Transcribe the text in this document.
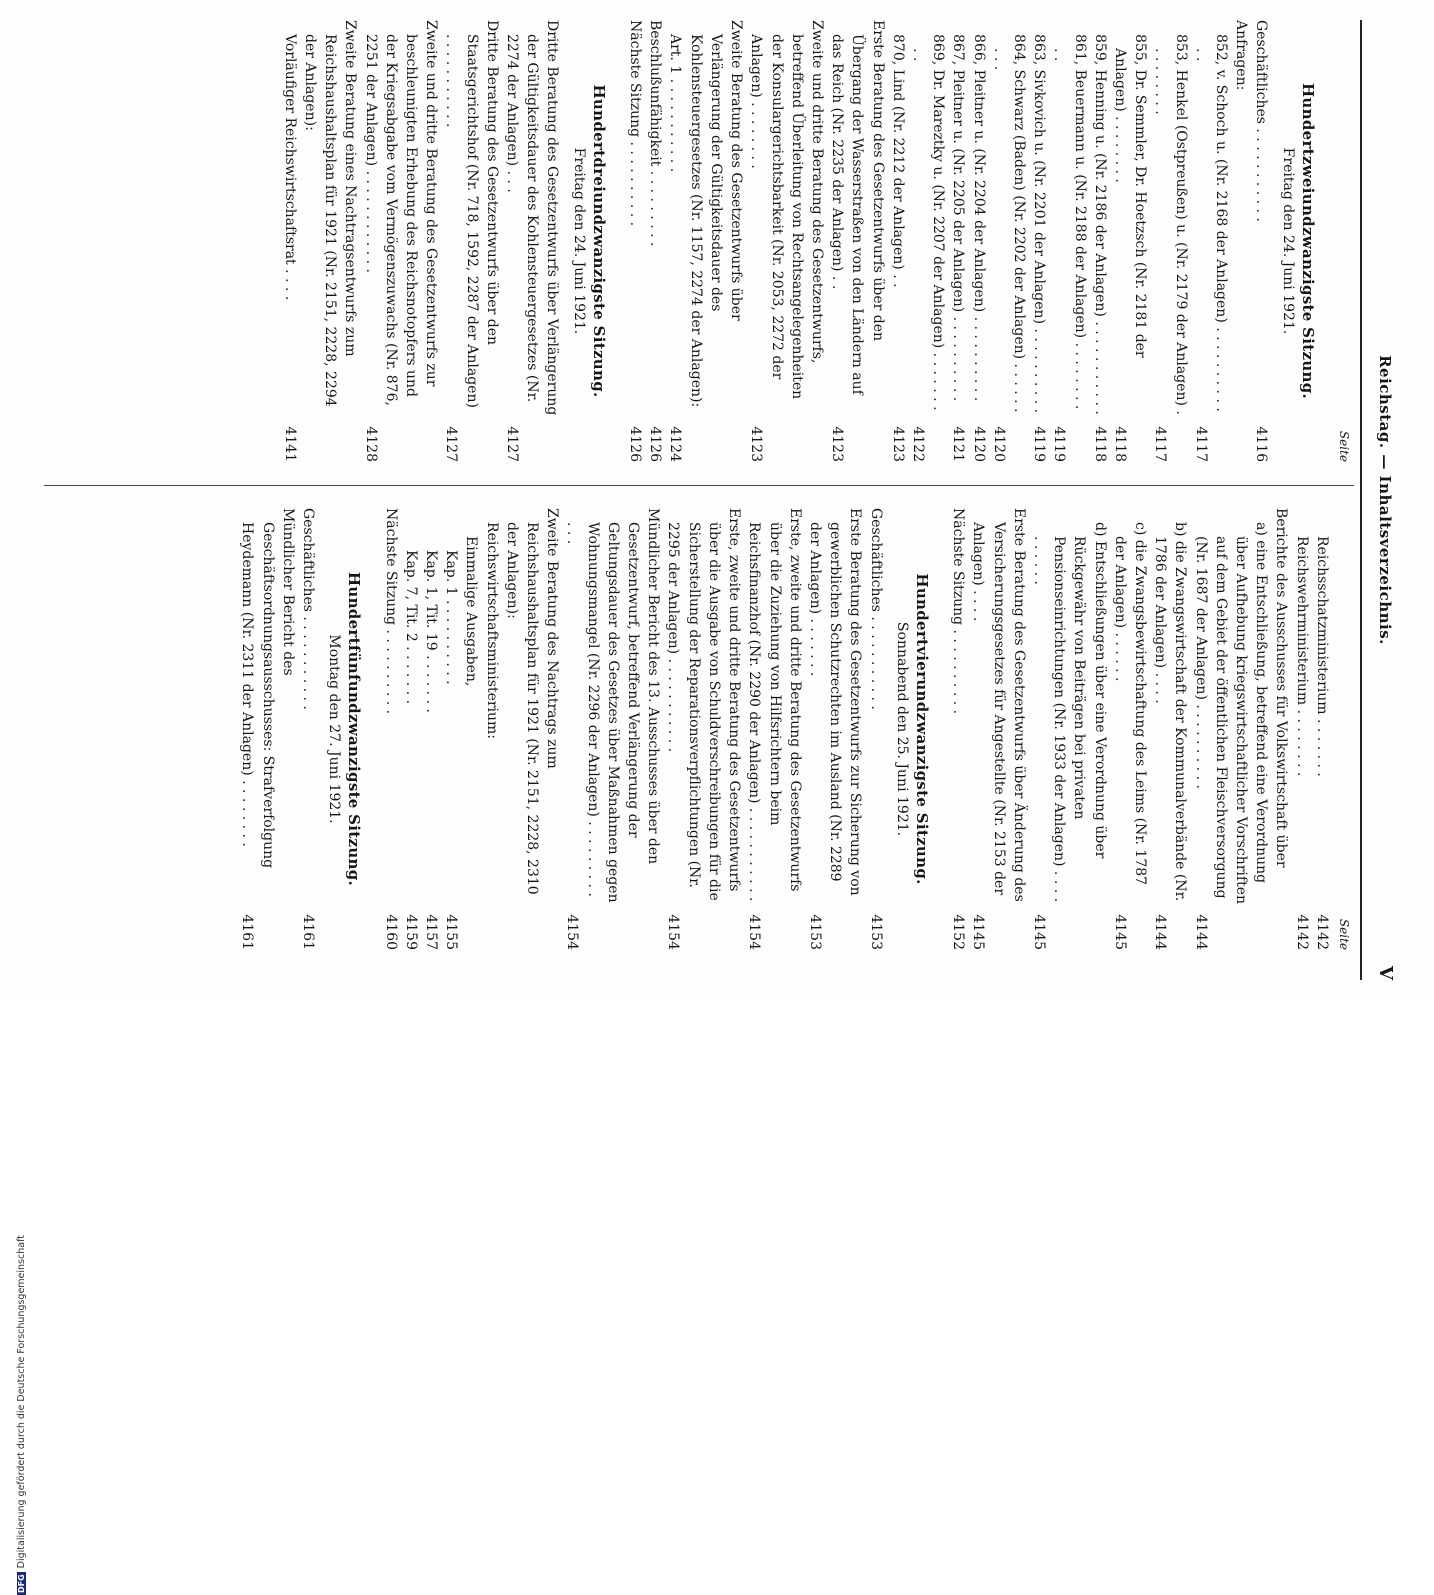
Reichstag. — Inhaltsverzeichnis.
V
Seite
Hundertzweiundzwanzigste Sitzung.
Freitag den 24. Juni 1921.
Geschäftliches . . . . . . . . . . .
4116
Anfragen:
852, v. Schoch u. (Nr. 2168 der Anlagen) . . . . . . . . . . . .
4117
853, Henkel (Ostpreußen) u. (Nr. 2179 der Anlagen) . . . . . . . . .
4117
855, Dr. Semmler, Dr. Hoetzsch (Nr. 2181 der Anlagen) . . . . . . . .
4118
859, Henning u. (Nr. 2186 der Anlagen) . . . . . . . . . . .
4118
861, Beuermann u. (Nr. 2188 der Anlagen) . . . . . . . . . .
4119
863, Sivkovich u. (Nr. 2201 der Anlagen) . . . . . . . . . .
4119
864, Schwarz (Baden) (Nr. 2202 der Anlagen) . . . . . . . . .
4120
866, Pleitner u. (Nr. 2204 der Anlagen) . . . . . . . . . .
4120
867, Pleitner u. (Nr. 2205 der Anlagen) . . . . . . . . . .
4121
869, Dr. Mareztky u. (Nr. 2207 der Anlagen) . . . . . . . . .
4122
870, Lind (Nr. 2212 der Anlagen) . .
4123
Erste Beratung des Gesetzentwurfs über den Übergang der Wasserstraßen von den Ländern auf das Reich (Nr. 2235 der Anlagen) . .
4123
Zweite und dritte Beratung des Gesetzentwurfs, betreffend Überleitung von Rechtsangelegenheiten der Konsulargerichtsbarkeit (Nr. 2053, 2272 der Anlagen) . . . . . . . .
4123
Zweite Beratung des Gesetzentwurfs über Verlängerung der Gültigkeitsdauer des Kohlensteuergesetzes (Nr. 1157, 2274 der Anlagen): Art. 1 . . . . . . . . . . .
4124
Beschlußunfähigkeit . . . . . . . . .
4126
Nächste Sitzung . . . . . . . . . .
4126
Hundertdreiundzwanzigste Sitzung.
Freitag den 24. Juni 1921.
Dritte Beratung des Gesetzentwurfs über Verlängerung der Gültigkeitsdauer des Kohlensteuergesetzes (Nr. 2274 der Anlagen) . . .
4127
Dritte Beratung des Gesetzentwurfs über den Staatsgerichtshof (Nr. 718, 1592, 2287 der Anlagen) . . . . . . . . . . .
4127
Zweite und dritte Beratung des Gesetzentwurfs zur beschleunigten Erhebung des Reichsnotopfers und der Kriegsabgabe vom Vermögenszuwachs (Nr. 876, 2251 der Anlagen) . . . . . . . . . . . .
4128
Zweite Beratung eines Nachtragsentwurfs zum Reichshaushaltsplan für 1921 (Nr. 2151, 2228, 2294 der Anlagen):
Vorläufiger Reichswirtschaftsrat . . . .
4141
Seite
Reichsschatzministerium . . . . . . .
4142
Reichswehrministerium . . . . . . . .
4142
Berichte des Ausschusses für Volkswirtschaft über
a) eine Entschließung, betreffend eine Verordnung über Aufhebung kriegswirtschaftlicher Vorschriften auf dem Gebiet der öffentlichen Fleischversorgung (Nr. 1687 der Anlagen) . . . . . . . . . .
4144
b) die Zwangswirtschaft der Kommunalverbände (Nr. 1786 der Anlagen) . . . .
4144
c) die Zwangsbewirtschaftung des Leims (Nr. 1787 der Anlagen) . . . . . .
4145
d) Entschließungen über eine Verordnung über Rückgewähr von Beiträgen bei privaten Pensionseinrichtungen (Nr. 1933 der Anlagen) . . . . . . . . . .
4145
Erste Beratung des Gesetzentwurfs über Änderung des Versicherungsgesetzes für Angestellte (Nr. 2153 der Anlagen) . . . .
4145
Nächste Sitzung . . . . . . . . . .
4152
Hundertvierundzwanzigste Sitzung.
Sonnabend den 25. Juni 1921.
Geschäftliches . . . . . . . . . . .
4153
Erste Beratung des Gesetzentwurfs zur Sicherung von gewerblichen Schutzrechten im Ausland (Nr. 2289 der Anlagen) . . . . . . .
4153
Erste, zweite und dritte Beratung des Gesetzentwurfs über die Zuziehung von Hilfsrichtern beim Reichsfinanzhof (Nr. 2290 der Anlagen) . . . . . . . . . . .
4154
Erste, zweite und dritte Beratung des Gesetzentwurfs über die Ausgabe von Schuldverschreibungen für die Sicherstellung der Reparationsverpflichtungen (Nr. 2295 der Anlagen) . . . . . . . . . . .
4154
Mündlicher Bericht des 13. Ausschusses über den Gesetzentwurf, betreffend Verlängerung der Geltungsdauer des Gesetzes über Maßnahmen gegen Wohnungsmangel (Nr. 2296 der Anlagen) . . . . . . . . . . . .
4154
Zweite Beratung des Nachtrags zum Reichshaushaltsplan für 1921 (Nr. 2151, 2228, 2310 der Anlagen):
Reichswirtschaftsministerium:
Einmalige Ausgaben,
Kap. 1 . . . . . . . . . .
4155
Kap. 1, Tit. 19 . . . . . . .
4157
Kap. 7, Tit. 2 . . . . . . .
4159
Nächste Sitzung . . . . . . . . . .
4160
Hundertfünfundzwanzigste Sitzung.
Montag den 27. Juni 1921.
Geschäftliches . . . . . . . . . . .
4161
Mündlicher Bericht des Geschäftsordnungsausschusses: Strafverfolgung Heydemann (Nr. 2311 der Anlagen) . . . . . . . .
4161
DFGDigitalisierung gefördert durch die Deutsche Forschungsgemeinschaft
